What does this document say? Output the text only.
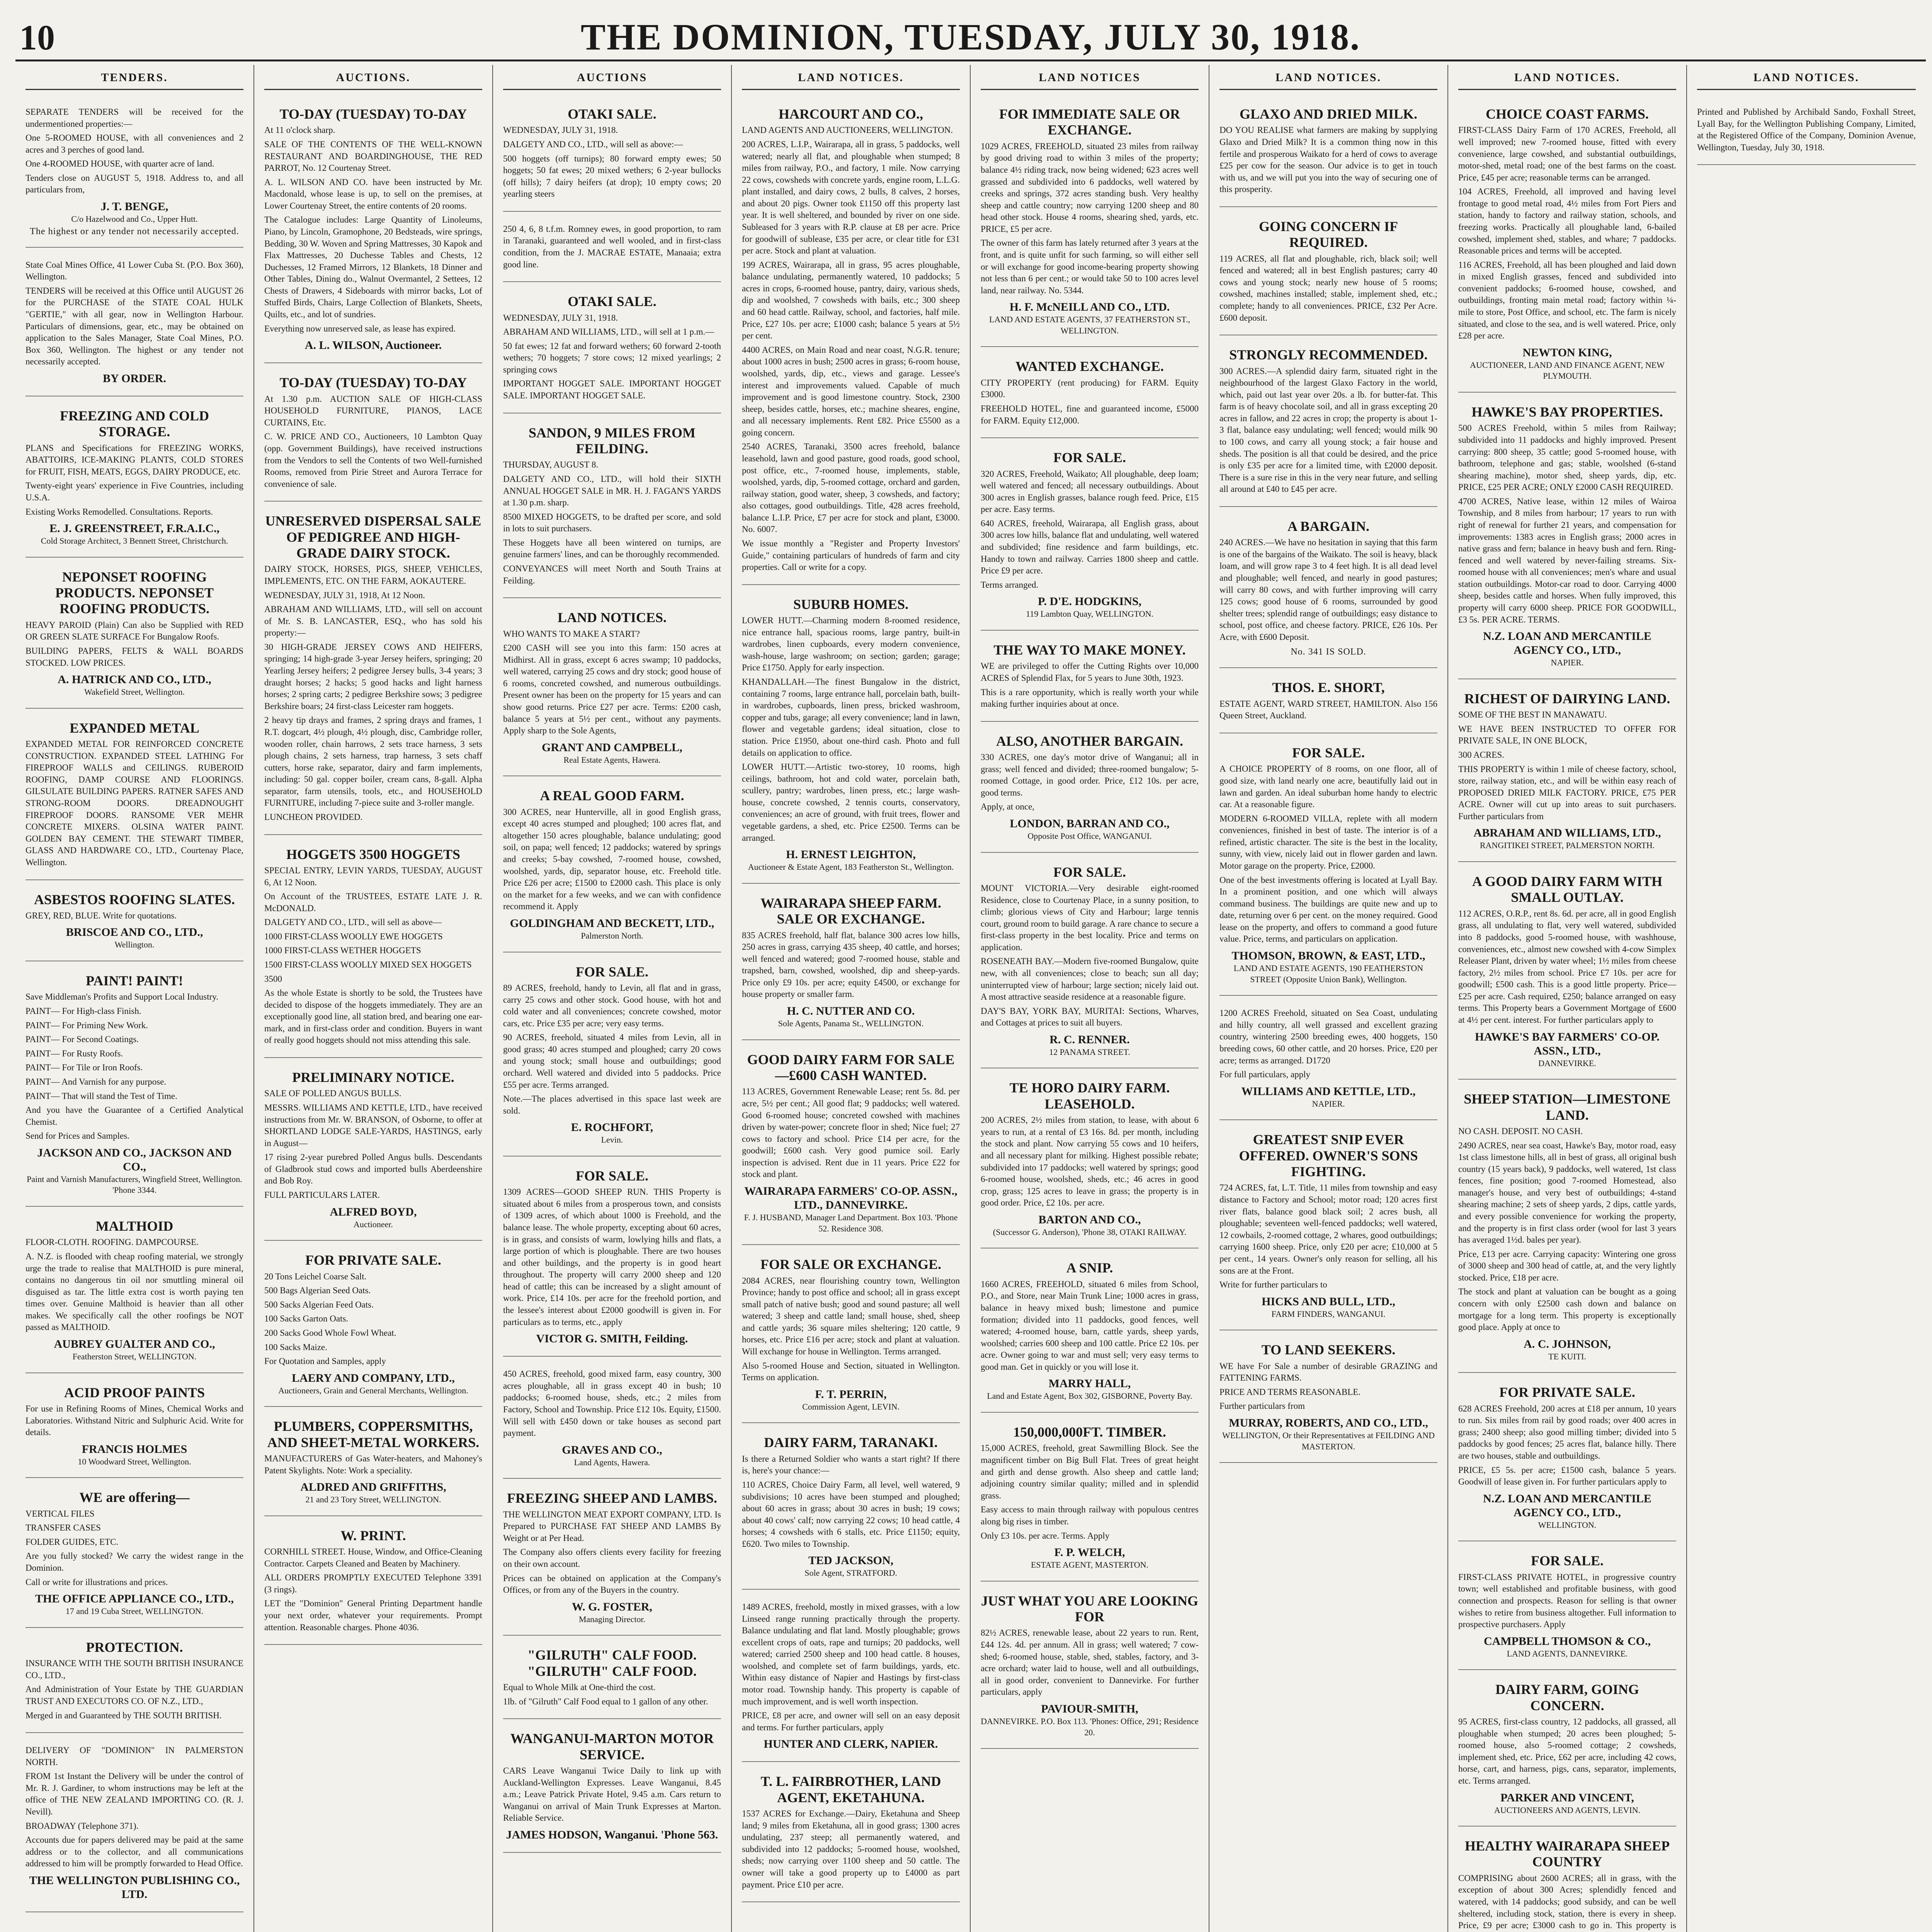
10	THE DOMINION, TUESDAY, JULY 30, 1918.
TENDERS.
SEPARATE TENDERS will be received for the undermentioned properties:—
One 5-ROOMED HOUSE, with all conveniences and 2 acres and 3 perches of good land.
One 4-ROOMED HOUSE, with quarter acre of land.
Tenders close on AUGUST 5, 1918. Address to, and all particulars from,
J. T. BENGE,
C/o Hazelwood and Co., Upper Hutt.
The highest or any tender not necessarily accepted.
State Coal Mines Office, 41 Lower Cuba St. (P.O. Box 360), Wellington.
TENDERS will be received at this Office until AUGUST 26 for the PURCHASE of the STATE COAL HULK "GERTIE," with all gear, now in Wellington Harbour. Particulars of dimensions, gear, etc., may be obtained on application to the Sales Manager, State Coal Mines, P.O. Box 360, Wellington. The highest or any tender not necessarily accepted.
BY ORDER.
FREEZING AND COLD STORAGE.
PLANS and Specifications for FREEZING WORKS, ABATTOIRS, ICE-MAKING PLANTS, COLD STORES for FRUIT, FISH, MEATS, EGGS, DAIRY PRODUCE, etc.
Twenty-eight years' experience in Five Countries, including U.S.A.
Existing Works Remodelled. Consultations. Reports.
E. J. GREENSTREET, F.R.A.I.C.,
Cold Storage Architect, 3 Bennett Street, Christchurch.
NEPONSET ROOFING PRODUCTS. NEPONSET ROOFING PRODUCTS.
HEAVY PAROID (Plain) Can also be Supplied with RED OR GREEN SLATE SURFACE For Bungalow Roofs.
BUILDING PAPERS, FELTS & WALL BOARDS STOCKED. LOW PRICES.
A. HATRICK AND CO., LTD.,
Wakefield Street, Wellington.
EXPANDED METAL
EXPANDED METAL FOR REINFORCED CONCRETE CONSTRUCTION. EXPANDED STEEL LATHING For FIREPROOF WALLS and CEILINGS. RUBEROID ROOFING, DAMP COURSE AND FLOORINGS. GILSULATE BUILDING PAPERS. RATNER SAFES AND STRONG-ROOM DOORS. DREADNOUGHT FIREPROOF DOORS. RANSOME VER MEHR CONCRETE MIXERS. OLSINA WATER PAINT. GOLDEN BAY CEMENT. THE STEWART TIMBER, GLASS AND HARDWARE CO., LTD., Courtenay Place, Wellington.
ASBESTOS ROOFING SLATES.
GREY, RED, BLUE. Write for quotations.
BRISCOE AND CO., LTD.,
Wellington.
PAINT! PAINT!
Save Middleman's Profits and Support Local Industry.
PAINT— For High-class Finish.
PAINT— For Priming New Work.
PAINT— For Second Coatings.
PAINT— For Rusty Roofs.
PAINT— For Tile or Iron Roofs.
PAINT— And Varnish for any purpose.
PAINT— That will stand the Test of Time.
And you have the Guarantee of a Certified Analytical Chemist.
Send for Prices and Samples.
JACKSON AND CO., JACKSON AND CO.,
Paint and Varnish Manufacturers, Wingfield Street, Wellington. 'Phone 3344.
MALTHOID
FLOOR-CLOTH. ROOFING. DAMPCOURSE.
A. N.Z. is flooded with cheap roofing material, we strongly urge the trade to realise that MALTHOID is pure mineral, contains no dangerous tin oil nor smuttling mineral oil disguised as tar. The little extra cost is worth paying ten times over. Genuine Malthoid is heavier than all other makes. We specifically call the other roofings be NOT passed as MALTHOID.
AUBREY GUALTER AND CO.,
Featherston Street, WELLINGTON.
ACID PROOF PAINTS
For use in Refining Rooms of Mines, Chemical Works and Laboratories. Withstand Nitric and Sulphuric Acid. Write for details.
FRANCIS HOLMES
10 Woodward Street, Wellington.
WE are offering—
VERTICAL FILES
TRANSFER CASES
FOLDER GUIDES, ETC.
Are you fully stocked? We carry the widest range in the Dominion.
Call or write for illustrations and prices.
THE OFFICE APPLIANCE CO., LTD.,
17 and 19 Cuba Street, WELLINGTON.
PROTECTION.
INSURANCE WITH THE SOUTH BRITISH INSURANCE CO., LTD.,
And Administration of Your Estate by THE GUARDIAN TRUST AND EXECUTORS CO. OF N.Z., LTD.,
Merged in and Guaranteed by THE SOUTH BRITISH.
DELIVERY OF "DOMINION" IN PALMERSTON NORTH.
FROM 1st Instant the Delivery will be under the control of Mr. R. J. Gardiner, to whom instructions may be left at the office of THE NEW ZEALAND IMPORTING CO. (R. J. Nevill).
BROADWAY (Telephone 371).
Accounts due for papers delivered may be paid at the same address or to the collector, and all communications addressed to him will be promptly forwarded to Head Office.
THE WELLINGTON PUBLISHING CO., LTD.
AUCTIONS.
TO-DAY (TUESDAY) TO-DAY
At 11 o'clock sharp.
SALE OF THE CONTENTS OF THE WELL-KNOWN RESTAURANT AND BOARDINGHOUSE, THE RED PARROT, No. 12 Courtenay Street.
A. L. WILSON AND CO. have been instructed by Mr. Macdonald, whose lease is up, to sell on the premises, at Lower Courtenay Street, the entire contents of 20 rooms.
The Catalogue includes: Large Quantity of Linoleums, Piano, by Lincoln, Gramophone, 20 Bedsteads, wire springs, Bedding, 30 W. Woven and Spring Mattresses, 30 Kapok and Flax Mattresses, 20 Duchesse Tables and Chests, 12 Duchesses, 12 Framed Mirrors, 12 Blankets, 18 Dinner and Other Tables, Dining do., Walnut Overmantel, 2 Settees, 12 Chests of Drawers, 4 Sideboards with mirror backs, Lot of Stuffed Birds, Chairs, Large Collection of Blankets, Sheets, Quilts, etc., and lot of sundries.
Everything now unreserved sale, as lease has expired.
A. L. WILSON, Auctioneer.
TO-DAY (TUESDAY) TO-DAY
At 1.30 p.m. AUCTION SALE OF HIGH-CLASS HOUSEHOLD FURNITURE, PIANOS, LACE CURTAINS, Etc.
C. W. PRICE AND CO., Auctioneers, 10 Lambton Quay (opp. Government Buildings), have received instructions from the Vendors to sell the Contents of two Well-furnished Rooms, removed from Pirie Street and Aurora Terrace for convenience of sale.
UNRESERVED DISPERSAL SALE OF PEDIGREE AND HIGH-GRADE DAIRY STOCK.
DAIRY STOCK, HORSES, PIGS, SHEEP, VEHICLES, IMPLEMENTS, ETC. ON THE FARM, AOKAUTERE.
WEDNESDAY, JULY 31, 1918, At 12 Noon.
ABRAHAM AND WILLIAMS, LTD., will sell on account of Mr. S. B. LANCASTER, ESQ., who has sold his property:—
30 HIGH-GRADE JERSEY COWS AND HEIFERS, springing; 14 high-grade 3-year Jersey heifers, springing; 20 Yearling Jersey heifers; 2 pedigree Jersey bulls, 3-4 years; 3 draught horses; 2 hacks; 5 good hacks and light harness horses; 2 spring carts; 2 pedigree Berkshire sows; 3 pedigree Berkshire boars; 24 first-class Leicester ram hoggets.
2 heavy tip drays and frames, 2 spring drays and frames, 1 R.T. dogcart, 4½ plough, 4½ plough, disc, Cambridge roller, wooden roller, chain harrows, 2 sets trace harness, 3 sets plough chains, 2 sets harness, trap harness, 3 sets chaff cutters, horse rake, separator, dairy and farm implements, including: 50 gal. copper boiler, cream cans, 8-gall. Alpha separator, farm utensils, tools, etc., and HOUSEHOLD FURNITURE, including 7-piece suite and 3-roller mangle.
LUNCHEON PROVIDED.
HOGGETS 3500 HOGGETS
SPECIAL ENTRY, LEVIN YARDS, TUESDAY, AUGUST 6, At 12 Noon.
On Account of the TRUSTEES, ESTATE LATE J. R. McDONALD.
DALGETY AND CO., LTD., will sell as above—
1000 FIRST-CLASS WOOLLY EWE HOGGETS
1000 FIRST-CLASS WETHER HOGGETS
1500 FIRST-CLASS WOOLLY MIXED SEX HOGGETS
3500
As the whole Estate is shortly to be sold, the Trustees have decided to dispose of the hoggets immediately. They are an exceptionally good line, all station bred, and bearing one ear-mark, and in first-class order and condition. Buyers in want of really good hoggets should not miss attending this sale.
PRELIMINARY NOTICE.
SALE OF POLLED ANGUS BULLS.
MESSRS. WILLIAMS AND KETTLE, LTD., have received instructions from Mr. W. BRANSON, of Osborne, to offer at SHORTLAND LODGE SALE-YARDS, HASTINGS, early in August—
17 rising 2-year purebred Polled Angus bulls. Descendants of Gladbrook stud cows and imported bulls Aberdeenshire and Bob Roy.
FULL PARTICULARS LATER.
ALFRED BOYD,
Auctioneer.
FOR PRIVATE SALE.
20 Tons Leichel Coarse Salt.
500 Bags Algerian Seed Oats.
500 Sacks Algerian Feed Oats.
100 Sacks Garton Oats.
200 Sacks Good Whole Fowl Wheat.
100 Sacks Maize.
For Quotation and Samples, apply
LAERY AND COMPANY, LTD.,
Auctioneers, Grain and General Merchants, Wellington.
PLUMBERS, COPPERSMITHS, AND SHEET-METAL WORKERS.
MANUFACTURERS of Gas Water-heaters, and Mahoney's Patent Skylights. Note: Work a speciality.
ALDRED AND GRIFFITHS,
21 and 23 Tory Street, WELLINGTON.
W. PRINT.
CORNHILL STREET. House, Window, and Office-Cleaning Contractor. Carpets Cleaned and Beaten by Machinery.
ALL ORDERS PROMPTLY EXECUTED Telephone 3391 (3 rings).
LET the "Dominion" General Printing Department handle your next order, whatever your requirements. Prompt attention. Reasonable charges. Phone 4036.
AUCTIONS
OTAKI SALE.
WEDNESDAY, JULY 31, 1918.
DALGETY AND CO., LTD., will sell as above:—
500 hoggets (off turnips); 80 forward empty ewes; 50 hoggets; 50 fat ewes; 20 mixed wethers; 6 2-year bullocks (off hills); 7 dairy heifers (at drop); 10 empty cows; 20 yearling steers
250 4, 6, 8 t.f.m. Romney ewes, in good proportion, to ram in Taranaki, guaranteed and well wooled, and in first-class condition, from the J. MACRAE ESTATE, Manaaia; extra good line.
OTAKI SALE.
WEDNESDAY, JULY 31, 1918.
ABRAHAM AND WILLIAMS, LTD., will sell at 1 p.m.—
50 fat ewes; 12 fat and forward wethers; 60 forward 2-tooth wethers; 70 hoggets; 7 store cows; 12 mixed yearlings; 2 springing cows
IMPORTANT HOGGET SALE. IMPORTANT HOGGET SALE. IMPORTANT HOGGET SALE.
SANDON, 9 MILES FROM FEILDING.
THURSDAY, AUGUST 8.
DALGETY AND CO., LTD., will hold their SIXTH ANNUAL HOGGET SALE in MR. H. J. FAGAN'S YARDS at 1.30 p.m. sharp.
8500 MIXED HOGGETS, to be drafted per score, and sold in lots to suit purchasers.
These Hoggets have all been wintered on turnips, are genuine farmers' lines, and can be thoroughly recommended.
CONVEYANCES will meet North and South Trains at Feilding.
LAND NOTICES.
WHO WANTS TO MAKE A START?
£200 CASH will see you into this farm: 150 acres at Midhirst. All in grass, except 6 acres swamp; 10 paddocks, well watered, carrying 25 cows and dry stock; good house of 6 rooms, concreted cowshed, and numerous outbuildings. Present owner has been on the property for 15 years and can show good returns. Price £27 per acre. Terms: £200 cash, balance 5 years at 5½ per cent., without any payments. Apply sharp to the Sole Agents,
GRANT AND CAMPBELL,
Real Estate Agents, Hawera.
A REAL GOOD FARM.
300 ACRES, near Hunterville, all in good English grass, except 40 acres stumped and ploughed; 100 acres flat, and altogether 150 acres ploughable, balance undulating; good soil, on papa; well fenced; 12 paddocks; watered by springs and creeks; 5-bay cowshed, 7-roomed house, cowshed, woolshed, yards, dip, separator house, etc. Freehold title. Price £26 per acre; £1500 to £2000 cash. This place is only on the market for a few weeks, and we can with confidence recommend it. Apply
GOLDINGHAM AND BECKETT, LTD.,
Palmerston North.
FOR SALE.
89 ACRES, freehold, handy to Levin, all flat and in grass, carry 25 cows and other stock. Good house, with hot and cold water and all conveniences; concrete cowshed, motor cars, etc. Price £35 per acre; very easy terms.
90 ACRES, freehold, situated 4 miles from Levin, all in good grass; 40 acres stumped and ploughed; carry 20 cows and young stock; small house and outbuildings; good orchard. Well watered and divided into 5 paddocks. Price £55 per acre. Terms arranged.
Note.—The places advertised in this space last week are sold.
E. ROCHFORT,
Levin.
FOR SALE.
1309 ACRES—GOOD SHEEP RUN. THIS Property is situated about 6 miles from a prosperous town, and consists of 1309 acres, of which about 1000 is Freehold, and the balance lease. The whole property, excepting about 60 acres, is in grass, and consists of warm, lowlying hills and flats, a large portion of which is ploughable. There are two houses and other buildings, and the property is in good heart throughout. The property will carry 2000 sheep and 120 head of cattle; this can be increased by a slight amount of work. Price, £14 10s. per acre for the freehold portion, and the lessee's interest about £2000 goodwill is given in. For particulars as to terms, etc., apply
VICTOR G. SMITH, Feilding.
450 ACRES, freehold, good mixed farm, easy country, 300 acres ploughable, all in grass except 40 in bush; 10 paddocks; 6-roomed house, sheds, etc.; 2 miles from Factory, School and Township. Price £12 10s. Equity, £1500. Will sell with £450 down or take houses as second part payment.
GRAVES AND CO.,
Land Agents, Hawera.
FREEZING SHEEP AND LAMBS.
THE WELLINGTON MEAT EXPORT COMPANY, LTD. Is Prepared to PURCHASE FAT SHEEP AND LAMBS By Weight or at Per Head.
The Company also offers clients every facility for freezing on their own account.
Prices can be obtained on application at the Company's Offices, or from any of the Buyers in the country.
W. G. FOSTER,
Managing Director.
"GILRUTH" CALF FOOD. "GILRUTH" CALF FOOD.
Equal to Whole Milk at One-third the cost.
1lb. of "Gilruth" Calf Food equal to 1 gallon of any other.
WANGANUI-MARTON MOTOR SERVICE.
CARS Leave Wanganui Twice Daily to link up with Auckland-Wellington Expresses. Leave Wanganui, 8.45 a.m.; Leave Patrick Private Hotel, 9.45 a.m. Cars return to Wanganui on arrival of Main Trunk Expresses at Marton. Reliable Service.
JAMES HODSON, Wanganui. 'Phone 563.
LAND NOTICES.
HARCOURT AND CO.,
LAND AGENTS AND AUCTIONEERS, WELLINGTON.
200 ACRES, L.I.P., Wairarapa, all in grass, 5 paddocks, well watered; nearly all flat, and ploughable when stumped; 8 miles from railway, P.O., and factory, 1 mile. Now carrying 22 cows, cowsheds with concrete yards, engine room, L.L.G. plant installed, and dairy cows, 2 bulls, 8 calves, 2 horses, and about 20 pigs. Owner took £1150 off this property last year. It is well sheltered, and bounded by river on one side. Subleased for 3 years with R.P. clause at £8 per acre. Price for goodwill of sublease, £35 per acre, or clear title for £31 per acre. Stock and plant at valuation.
199 ACRES, Wairarapa, all in grass, 95 acres ploughable, balance undulating, permanently watered, 10 paddocks; 5 acres in crops, 6-roomed house, pantry, dairy, various sheds, dip and woolshed, 7 cowsheds with bails, etc.; 300 sheep and 60 head cattle. Railway, school, and factories, half mile. Price, £27 10s. per acre; £1000 cash; balance 5 years at 5½ per cent.
4400 ACRES, on Main Road and near coast, N.G.R. tenure; about 1000 acres in bush; 2500 acres in grass; 6-room house, woolshed, yards, dip, etc., views and garage. Lessee's interest and improvements valued. Capable of much improvement and is good limestone country. Stock, 2300 sheep, besides cattle, horses, etc.; machine sheares, engine, and all necessary implements. Rent £82. Price £5500 as a going concern.
2540 ACRES, Taranaki, 3500 acres freehold, balance leasehold, lawn and good pasture, good roads, good school, post office, etc., 7-roomed house, implements, stable, woolshed, yards, dip, 5-roomed cottage, orchard and garden, railway station, good water, sheep, 3 cowsheds, and factory; also cottages, good outbuildings. Title, 428 acres freehold, balance L.I.P. Price, £7 per acre for stock and plant, £3000. No. 6007.
We issue monthly a "Register and Property Investors' Guide," containing particulars of hundreds of farm and city properties. Call or write for a copy.
SUBURB HOMES.
LOWER HUTT.—Charming modern 8-roomed residence, nice entrance hall, spacious rooms, large pantry, built-in wardrobes, linen cupboards, every modern convenience, wash-house, large washroom; on section; garden; garage; Price £1750. Apply for early inspection.
KHANDALLAH.—The finest Bungalow in the district, containing 7 rooms, large entrance hall, porcelain bath, built-in wardrobes, cupboards, linen press, bricked washroom, copper and tubs, garage; all every convenience; land in lawn, flower and vegetable gardens; ideal situation, close to station. Price £1950, about one-third cash. Photo and full details on application to office.
LOWER HUTT.—Artistic two-storey, 10 rooms, high ceilings, bathroom, hot and cold water, porcelain bath, scullery, pantry; wardrobes, linen press, etc.; large wash-house, concrete cowshed, 2 tennis courts, conservatory, conveniences; an acre of ground, with fruit trees, flower and vegetable gardens, a shed, etc. Price £2500. Terms can be arranged.
H. ERNEST LEIGHTON,
Auctioneer & Estate Agent, 183 Featherston St., Wellington.
WAIRARAPA SHEEP FARM. SALE OR EXCHANGE.
835 ACRES freehold, half flat, balance 300 acres low hills, 250 acres in grass, carrying 435 sheep, 40 cattle, and horses; well fenced and watered; good 7-roomed house, stable and trapshed, barn, cowshed, woolshed, dip and sheep-yards. Price only £9 10s. per acre; equity £4500, or exchange for house property or smaller farm.
H. C. NUTTER AND CO.
Sole Agents, Panama St., WELLINGTON.
GOOD DAIRY FARM FOR SALE—£600 CASH WANTED.
113 ACRES, Government Renewable Lease; rent 5s. 8d. per acre, 5½ per cent.; All good flat; 9 paddocks; well watered. Good 6-roomed house; concreted cowshed with machines driven by water-power; concrete floor in shed; Nice fuel; 27 cows to factory and school. Price £14 per acre, for the goodwill; £600 cash. Very good pumice soil. Early inspection is advised. Rent due in 11 years. Price £22 for stock and plant.
WAIRARAPA FARMERS' CO-OP. ASSN., LTD., DANNEVIRKE.
F. J. HUSBAND, Manager Land Department. Box 103. 'Phone 52. Residence 308.
FOR SALE OR EXCHANGE.
2084 ACRES, near flourishing country town, Wellington Province; handy to post office and school; all in grass except small patch of native bush; good and sound pasture; all well watered; 3 sheep and cattle land; small house, shed, sheep and cattle yards; 36 square miles sheltering; 120 cattle, 9 horses, etc. Price £16 per acre; stock and plant at valuation. Will exchange for house in Wellington. Terms arranged.
Also 5-roomed House and Section, situated in Wellington. Terms on application.
F. T. PERRIN,
Commission Agent, LEVIN.
DAIRY FARM, TARANAKI.
Is there a Returned Soldier who wants a start right? If there is, here's your chance:—
110 ACRES, Choice Dairy Farm, all level, well watered, 9 subdivisions; 10 acres have been stumped and ploughed; about 60 acres in grass; about 30 acres in bush; 19 cows; about 40 cows' calf; now carrying 22 cows; 10 head cattle, 4 horses; 4 cowsheds with 6 stalls, etc. Price £1150; equity, £620. Two miles to Township.
TED JACKSON,
Sole Agent, STRATFORD.
1489 ACRES, freehold, mostly in mixed grasses, with a low Linseed range running practically through the property. Balance undulating and flat land. Mostly ploughable; grows excellent crops of oats, rape and turnips; 20 paddocks, well watered; carried 2500 sheep and 100 head cattle. 8 houses, woolshed, and complete set of farm buildings, yards, etc. Within easy distance of Napier and Hastings by first-class motor road. Township handy. This property is capable of much improvement, and is well worth inspection.
PRICE, £8 per acre, and owner will sell on an easy deposit and terms. For further particulars, apply
HUNTER AND CLERK, NAPIER.
T. L. FAIRBROTHER, LAND AGENT, EKETAHUNA.
1537 ACRES for Exchange.—Dairy, Eketahuna and Sheep land; 9 miles from Eketahuna, all in good grass; 1300 acres undulating, 237 steep; all permanently watered, and subdivided into 12 paddocks; 5-roomed house, woolshed, sheds; now carrying over 1100 sheep and 50 cattle. The owner will take a good property up to £4000 as part payment. Price £10 per acre.
LAND NOTICES
FOR IMMEDIATE SALE OR EXCHANGE.
1029 ACRES, FREEHOLD, situated 23 miles from railway by good driving road to within 3 miles of the property; balance 4½ riding track, now being widened; 623 acres well grassed and subdivided into 6 paddocks, well watered by creeks and springs, 372 acres standing bush. Very healthy sheep and cattle country; now carrying 1200 sheep and 80 head other stock. House 4 rooms, shearing shed, yards, etc. PRICE, £5 per acre.
The owner of this farm has lately returned after 3 years at the front, and is quite unfit for such farming, so will either sell or will exchange for good income-bearing property showing not less than 6 per cent.; or would take 50 to 100 acres level land, near railway. No. 5344.
H. F. McNEILL AND CO., LTD.
LAND AND ESTATE AGENTS, 37 FEATHERSTON ST., WELLINGTON.
WANTED EXCHANGE.
CITY PROPERTY (rent producing) for FARM. Equity £3000.
FREEHOLD HOTEL, fine and guaranteed income, £5000 for FARM. Equity £12,000.
FOR SALE.
320 ACRES, Freehold, Waikato; All ploughable, deep loam; well watered and fenced; all necessary outbuildings. About 300 acres in English grasses, balance rough feed. Price, £15 per acre. Easy terms.
640 ACRES, freehold, Wairarapa, all English grass, about 300 acres low hills, balance flat and undulating, well watered and subdivided; fine residence and farm buildings, etc. Handy to town and railway. Carries 1800 sheep and cattle. Price £9 per acre.
Terms arranged.
P. D'E. HODGKINS,
119 Lambton Quay, WELLINGTON.
THE WAY TO MAKE MONEY.
WE are privileged to offer the Cutting Rights over 10,000 ACRES of Splendid Flax, for 5 years to June 30th, 1923.
This is a rare opportunity, which is really worth your while making further inquiries about at once.
ALSO, ANOTHER BARGAIN.
330 ACRES, one day's motor drive of Wanganui; all in grass; well fenced and divided; three-roomed bungalow; 5-roomed Cottage, in good order. Price, £12 10s. per acre, good terms.
Apply, at once,
LONDON, BARRAN AND CO.,
Opposite Post Office, WANGANUI.
FOR SALE.
MOUNT VICTORIA.—Very desirable eight-roomed Residence, close to Courtenay Place, in a sunny position, to climb; glorious views of City and Harbour; large tennis court, ground room to build garage. A rare chance to secure a first-class property in the best locality. Price and terms on application.
ROSENEATH BAY.—Modern five-roomed Bungalow, quite new, with all conveniences; close to beach; sun all day; uninterrupted view of harbour; large section; nicely laid out. A most attractive seaside residence at a reasonable figure.
DAY'S BAY, YORK BAY, MURITAI: Sections, Wharves, and Cottages at prices to suit all buyers.
R. C. RENNER.
12 PANAMA STREET.
TE HORO DAIRY FARM. LEASEHOLD.
200 ACRES, 2½ miles from station, to lease, with about 6 years to run, at a rental of £3 16s. 8d. per month, including the stock and plant. Now carrying 55 cows and 10 heifers, and all necessary plant for milking. Highest possible rebate; subdivided into 17 paddocks; well watered by springs; good 6-roomed house, woolshed, sheds, etc.; 46 acres in good crop, grass; 125 acres to leave in grass; the property is in good order. Price, £2 10s. per acre.
BARTON AND CO.,
(Successor G. Anderson), 'Phone 38, OTAKI RAILWAY.
A SNIP.
1660 ACRES, FREEHOLD, situated 6 miles from School, P.O., and Store, near Main Trunk Line; 1000 acres in grass, balance in heavy mixed bush; limestone and pumice formation; divided into 11 paddocks, good fences, well watered; 4-roomed house, barn, cattle yards, sheep yards, woolshed; carries 600 sheep and 100 cattle. Price £2 10s. per acre. Owner going to war and must sell; very easy terms to good man. Get in quickly or you will lose it.
MARRY HALL,
Land and Estate Agent, Box 302, GISBORNE, Poverty Bay.
150,000,000FT. TIMBER.
15,000 ACRES, freehold, great Sawmilling Block. See the magnificent timber on Big Bull Flat. Trees of great height and girth and dense growth. Also sheep and cattle land; adjoining country similar quality; milled and in splendid grass.
Easy access to main through railway with populous centres along big rises in timber.
Only £3 10s. per acre. Terms. Apply
F. P. WELCH,
ESTATE AGENT, MASTERTON.
JUST WHAT YOU ARE LOOKING FOR
82½ ACRES, renewable lease, about 22 years to run. Rent, £44 12s. 4d. per annum. All in grass; well watered; 7 cow-shed; 6-roomed house, stable, shed, stables, factory, and 3-acre orchard; water laid to house, well and all outbuildings, all in good order, convenient to Dannevirke. For further particulars, apply
PAVIOUR-SMITH,
DANNEVIRKE. P.O. Box 113. 'Phones: Office, 291; Residence 20.
LAND NOTICES.
GLAXO AND DRIED MILK.
DO YOU REALISE what farmers are making by supplying Glaxo and Dried Milk? It is a common thing now in this fertile and prosperous Waikato for a herd of cows to average £25 per cow for the season. Our advice is to get in touch with us, and we will put you into the way of securing one of this prosperity.
GOING CONCERN IF REQUIRED.
119 ACRES, all flat and ploughable, rich, black soil; well fenced and watered; all in best English pastures; carry 40 cows and young stock; nearly new house of 5 rooms; cowshed, machines installed; stable, implement shed, etc.; complete; handy to all conveniences. PRICE, £32 Per Acre. £600 deposit.
STRONGLY RECOMMENDED.
300 ACRES.—A splendid dairy farm, situated right in the neighbourhood of the largest Glaxo Factory in the world, which, paid out last year over 20s. a lb. for butter-fat. This farm is of heavy chocolate soil, and all in grass excepting 20 acres in fallow, and 22 acres in crop; the property is about 1-3 flat, balance easy undulating; well fenced; would milk 90 to 100 cows, and carry all young stock; a fair house and sheds. The position is all that could be desired, and the price is only £35 per acre for a limited time, with £2000 deposit. There is a sure rise in this in the very near future, and selling all around at £40 to £45 per acre.
A BARGAIN.
240 ACRES.—We have no hesitation in saying that this farm is one of the bargains of the Waikato. The soil is heavy, black loam, and will grow rape 3 to 4 feet high. It is all dead level and ploughable; well fenced, and nearly in good pastures; will carry 80 cows, and with further improving will carry 125 cows; good house of 6 rooms, surrounded by good shelter trees; splendid range of outbuildings; easy distance to school, post office, and cheese factory. PRICE, £26 10s. Per Acre, with £600 Deposit.
No. 341 IS SOLD.
THOS. E. SHORT,
ESTATE AGENT, WARD STREET, HAMILTON. Also 156 Queen Street, Auckland.
FOR SALE.
A CHOICE PROPERTY of 8 rooms, on one floor, all of good size, with land nearly one acre, beautifully laid out in lawn and garden. An ideal suburban home handy to electric car. At a reasonable figure.
MODERN 6-ROOMED VILLA, replete with all modern conveniences, finished in best of taste. The interior is of a refined, artistic character. The site is the best in the locality, sunny, with view, nicely laid out in flower garden and lawn. Motor garage on the property. Price, £2000.
One of the best investments offering is located at Lyall Bay. In a prominent position, and one which will always command business. The buildings are quite new and up to date, returning over 6 per cent. on the money required. Good lease on the property, and offers to command a good future value. Price, terms, and particulars on application.
THOMSON, BROWN, & EAST, LTD.,
LAND AND ESTATE AGENTS, 190 FEATHERSTON STREET (Opposite Union Bank), Wellington.
1200 ACRES Freehold, situated on Sea Coast, undulating and hilly country, all well grassed and excellent grazing country, wintering 2500 breeding ewes, 400 hoggets, 150 breeding cows, 60 other cattle, and 20 horses. Price, £20 per acre; terms as arranged. D1720
For full particulars, apply
WILLIAMS AND KETTLE, LTD.,
NAPIER.
GREATEST SNIP EVER OFFERED. OWNER'S SONS FIGHTING.
724 ACRES, fat, L.T. Title, 11 miles from township and easy distance to Factory and School; motor road; 120 acres first river flats, balance good black soil; 2 acres bush, all ploughable; seventeen well-fenced paddocks; well watered, 12 cowbails, 2-roomed cottage, 2 whares, good outbuildings; carrying 1600 sheep. Price, only £20 per acre; £10,000 at 5 per cent., 14 years. Owner's only reason for selling, all his sons are at the Front.
Write for further particulars to
HICKS AND BULL, LTD.,
FARM FINDERS, WANGANUI.
TO LAND SEEKERS.
WE have For Sale a number of desirable GRAZING and FATTENING FARMS.
PRICE AND TERMS REASONABLE.
Further particulars from
MURRAY, ROBERTS, AND CO., LTD.,
WELLINGTON, Or their Representatives at FEILDING AND MASTERTON.
LAND NOTICES.
CHOICE COAST FARMS.
FIRST-CLASS Dairy Farm of 170 ACRES, Freehold, all well improved; new 7-roomed house, fitted with every convenience, large cowshed, and substantial outbuildings, motor-shed, metal road; one of the best farms on the coast. Price, £45 per acre; reasonable terms can be arranged.
104 ACRES, Freehold, all improved and having level frontage to good metal road, 4½ miles from Fort Piers and station, handy to factory and railway station, schools, and freezing works. Practically all ploughable land, 6-bailed cowshed, implement shed, stables, and whare; 7 paddocks. Reasonable prices and terms will be accepted.
116 ACRES, Freehold, all has been ploughed and laid down in mixed English grasses, fenced and subdivided into convenient paddocks; 6-roomed house, cowshed, and outbuildings, fronting main metal road; factory within ¼-mile to store, Post Office, and school, etc. The farm is nicely situated, and close to the sea, and is well watered. Price, only £28 per acre.
NEWTON KING,
AUCTIONEER, LAND AND FINANCE AGENT, NEW PLYMOUTH.
HAWKE'S BAY PROPERTIES.
500 ACRES Freehold, within 5 miles from Railway; subdivided into 11 paddocks and highly improved. Present carrying: 800 sheep, 35 cattle; good 5-roomed house, with bathroom, telephone and gas; stable, woolshed (6-stand shearing machine), motor shed, sheep yards, dip, etc. PRICE, £25 PER ACRE; ONLY £2000 CASH REQUIRED.
4700 ACRES, Native lease, within 12 miles of Wairoa Township, and 8 miles from harbour; 17 years to run with right of renewal for further 21 years, and compensation for improvements: 1383 acres in English grass; 2000 acres in native grass and fern; balance in heavy bush and fern. Ring-fenced and well watered by never-failing streams. Six-roomed house with all conveniences; men's whare and usual station outbuildings. Motor-car road to door. Carrying 4000 sheep, besides cattle and horses. When fully improved, this property will carry 6000 sheep. PRICE FOR GOODWILL, £3 5s. PER ACRE. TERMS.
N.Z. LOAN AND MERCANTILE AGENCY CO., LTD.,
NAPIER.
RICHEST OF DAIRYING LAND.
SOME OF THE BEST IN MANAWATU.
WE HAVE BEEN INSTRUCTED TO OFFER FOR PRIVATE SALE, IN ONE BLOCK,
300 ACRES.
THIS PROPERTY is within 1 mile of cheese factory, school, store, railway station, etc., and will be within easy reach of PROPOSED DRIED MILK FACTORY. PRICE, £75 PER ACRE. Owner will cut up into areas to suit purchasers. Further particulars from
ABRAHAM AND WILLIAMS, LTD.,
RANGITIKEI STREET, PALMERSTON NORTH.
A GOOD DAIRY FARM WITH SMALL OUTLAY.
112 ACRES, O.R.P., rent 8s. 6d. per acre, all in good English grass, all undulating to flat, very well watered, subdivided into 8 paddocks, good 5-roomed house, with washhouse, conveniences, etc., almost new cowshed with 4-cow Simplex Releaser Plant, driven by water wheel; 1½ miles from cheese factory, 2½ miles from school. Price £7 10s. per acre for goodwill; £500 cash. This is a good little property. Price—£25 per acre. Cash required, £250; balance arranged on easy terms. This Property bears a Government Mortgage of £600 at 4½ per cent. interest. For further particulars apply to
HAWKE'S BAY FARMERS' CO-OP. ASSN., LTD.,
DANNEVIRKE.
SHEEP STATION—LIMESTONE LAND.
NO CASH. DEPOSIT. NO CASH.
2490 ACRES, near sea coast, Hawke's Bay, motor road, easy 1st class limestone hills, all in best of grass, all original bush country (15 years back), 9 paddocks, well watered, 1st class fences, fine position; good 7-roomed Homestead, also manager's house, and very best of outbuildings; 4-stand shearing machine; 2 sets of sheep yards, 2 dips, cattle yards, and every possible convenience for working the property, and the property is in first class order (wool for last 3 years has averaged 1½d. bales per year).
Price, £13 per acre. Carrying capacity: Wintering one gross of 3000 sheep and 300 head of cattle, at, and the very lightly stocked. Price, £18 per acre.
The stock and plant at valuation can be bought as a going concern with only £2500 cash down and balance on mortgage for a long term. This property is exceptionally good place. Apply at once to
A. C. JOHNSON,
TE KUITI.
FOR PRIVATE SALE.
628 ACRES Freehold, 200 acres at £18 per annum, 10 years to run. Six miles from rail by good roads; over 400 acres in grass; 2400 sheep; also good milling timber; divided into 5 paddocks by good fences; 25 acres flat, balance hilly. There are two houses, stable and outbuildings.
PRICE, £5 5s. per acre; £1500 cash, balance 5 years. Goodwill of lease given in. For further particulars apply to
N.Z. LOAN AND MERCANTILE AGENCY CO., LTD.,
WELLINGTON.
FOR SALE.
FIRST-CLASS PRIVATE HOTEL, in progressive country town; well established and profitable business, with good connection and prospects. Reason for selling is that owner wishes to retire from business altogether. Full information to prospective purchasers. Apply
CAMPBELL THOMSON & CO.,
LAND AGENTS, DANNEVIRKE.
DAIRY FARM, GOING CONCERN.
95 ACRES, first-class country, 12 paddocks, all grassed, all ploughable when stumped; 20 acres been ploughed; 5-roomed house, also 5-roomed cottage; 2 cowsheds, implement shed, etc. Price, £62 per acre, including 42 cows, horse, cart, and harness, pigs, cans, separator, implements, etc. Terms arranged.
PARKER AND VINCENT,
AUCTIONEERS AND AGENTS, LEVIN.
HEALTHY WAIRARAPA SHEEP COUNTRY
COMPRISING about 2600 ACRES; all in grass, with the exception of about 300 Acres; splendidly fenced and watered, with 14 paddocks; good subsidy, and can be well sheltered, including stock, station, there is every in sheep. Price, £9 per acre; £3000 cash to go in. This property is
LAND NOTICES.
Printed and Published by Archibald Sando, Foxhall Street, Lyall Bay, for the Wellington Publishing Company, Limited, at the Registered Office of the Company, Dominion Avenue, Wellington, Tuesday, July 30, 1918.
